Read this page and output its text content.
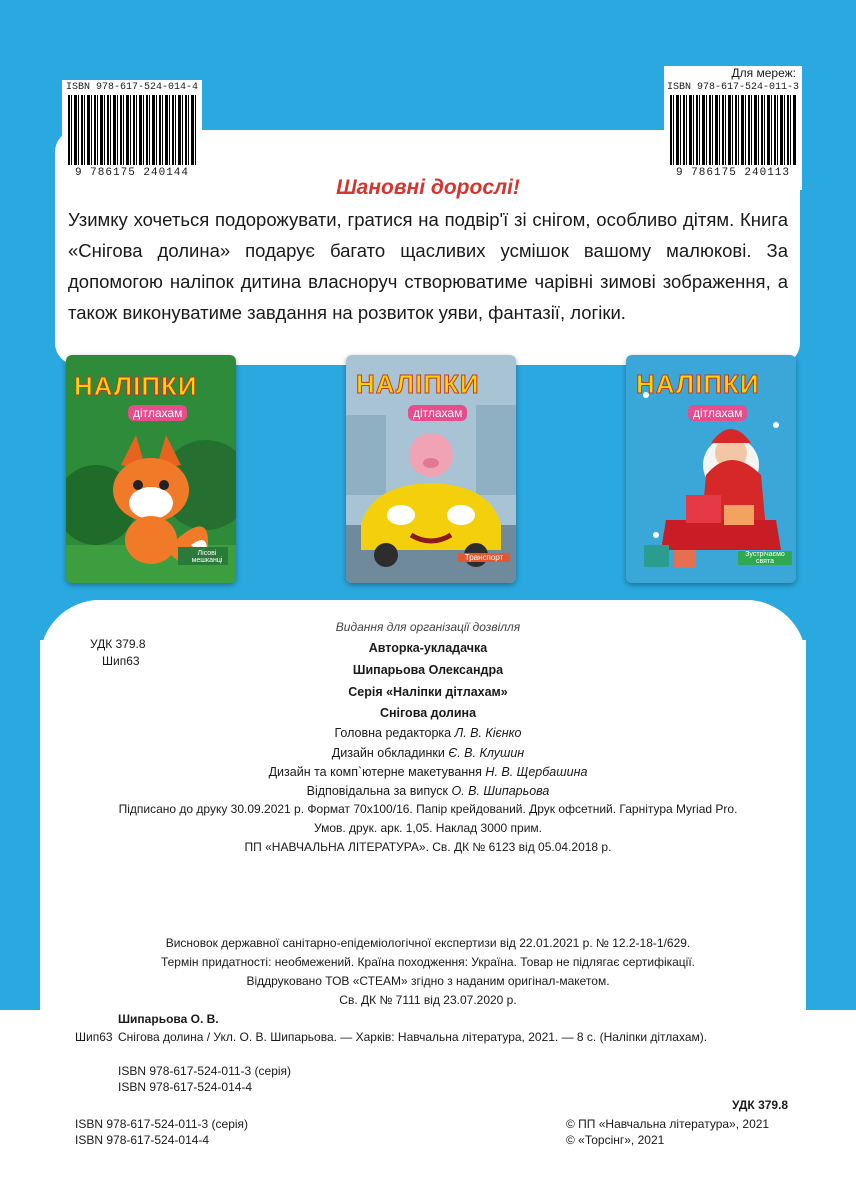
ISBN 978-617-524-014-4
9 786175 240144
Для мереж:
ISBN 978-617-524-011-3
9 786175 240113
Шановні дорослі!
Узимку хочеться подорожувати, гратися на подвір'ї зі снігом, особливо дітям. Книга «Снігова долина» подарує багато щасливих усмішок вашому малюкові. За допомогою наліпок дитина власноруч створюватиме чарівні зимові зображення, а також виконуватиме завдання на розвиток уяви, фантазії, логіки.
НАЛІПКИ
дітлахам
Лісові мешканці
НАЛІПКИ
дітлахам
Транспорт
НАЛІПКИ
дітлахам
Зустрічаємо свята
Видання для організації дозвілля
УДК 379.8
Шип63
Авторка-укладачка
Шипарьова Олександра
Серія «Наліпки дітлахам»
Снігова долина
Головна редакторка Л. В. Кієнко
Дизайн обкладинки Є. В. Клушин
Дизайн та комп`ютерне макетування Н. В. Щербашина
Відповідальна за випуск О. В. Шипарьова
Підписано до друку 30.09.2021 р. Формат 70х100/16. Папір крейдований. Друк офсетний. Гарнітура Myriad Pro.
Умов. друк. арк. 1,05. Наклад 3000 прим.
ПП «НАВЧАЛЬНА ЛІТЕРАТУРА». Св. ДК № 6123 від 05.04.2018 р.
Висновок державної санітарно-епідеміологічної експертизи від 22.01.2021 р. № 12.2-18-1/629.
Термін придатності: необмежений. Країна походження: Україна. Товар не підлягає сертифікації.
Віддруковано ТОВ «СТЕАМ» згідно з наданим оригінал-макетом.
Св. ДК № 7111 від 23.07.2020 р.
Шипарьова О. В.
Шип63 Снігова долина / Укл. О. В. Шипарьова. — Харків: Навчальна література, 2021. — 8 с. (Наліпки дітлахам).
ISBN 978-617-524-011-3 (серія)
ISBN 978-617-524-014-4
УДК 379.8
ISBN 978-617-524-011-3 (серія)
ISBN 978-617-524-014-4
© ПП «Навчальна література», 2021
© «Торсінг», 2021
